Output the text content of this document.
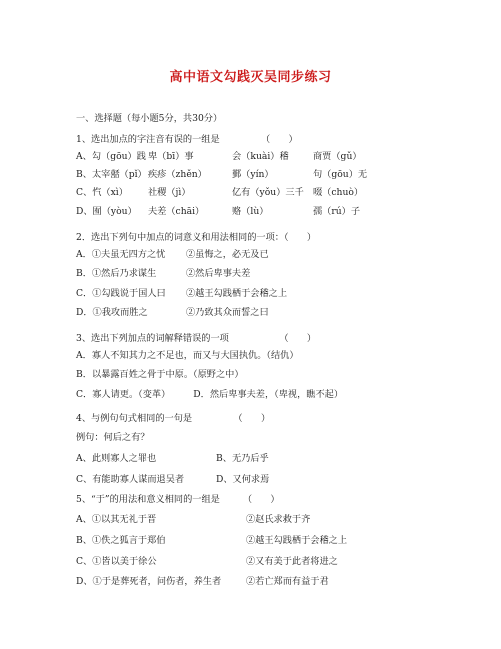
高中语文勾践灭吴同步练习
一、选择题（每小题5分，共30分）
1、选出加点的字注音有误的一组是　　　　　（　　）
A、勾（gōu）践 卑（bī）事	会（kuài）稽	商贾（gǔ）
B、太宰嚭（pǐ） 疾疹（zhěn）	鄞（yín）	句（gōu）无
C、忾（xì） 社稷（jì）	亿有（yǒu）三千 啜（chuò）
D、囿（yòu） 夫差（chāi）	赂（lù）	孺（rú）子
2．选出下列句中加点的词意义和用法相同的一项：（　　）
A．①夫虽无四方之忧 ②虽悔之，必无及已
B．①然后乃求谋生	②然后卑事夫差
C．①勾践说于国人曰 ②越王勾践栖于会稽之上
D．①我攻而胜之	②乃致其众而誓之曰
3、选出下列加点的词解释错误的一项　　　　　　（　　）
A．寡人不知其力之不足也，而又与大国执仇。（结仇）
B．以暴露百姓之骨于中原。（原野之中）
C．寡人请更。（变革）　　　D．然后卑事夫差，（卑视，瞧不起）
4、与例句句式相同的一句是　　　　　（　　）
例句：何后之有？
A、此则寡人之罪也	B、无乃后乎
C、有能助寡人谋而退吴者	D、又何求焉
5、“于”的用法和意义相同的一组是　　　（　　）
A、①以其无礼于晋	②赵氏求救于齐
B、①佚之狐言于郑伯	②越王勾践栖于会稽之上
C、①皆以美于徐公	②又有美于此者将进之
D、①于是葬死者，问伤者，养生者	②若亡郑而有益于君
